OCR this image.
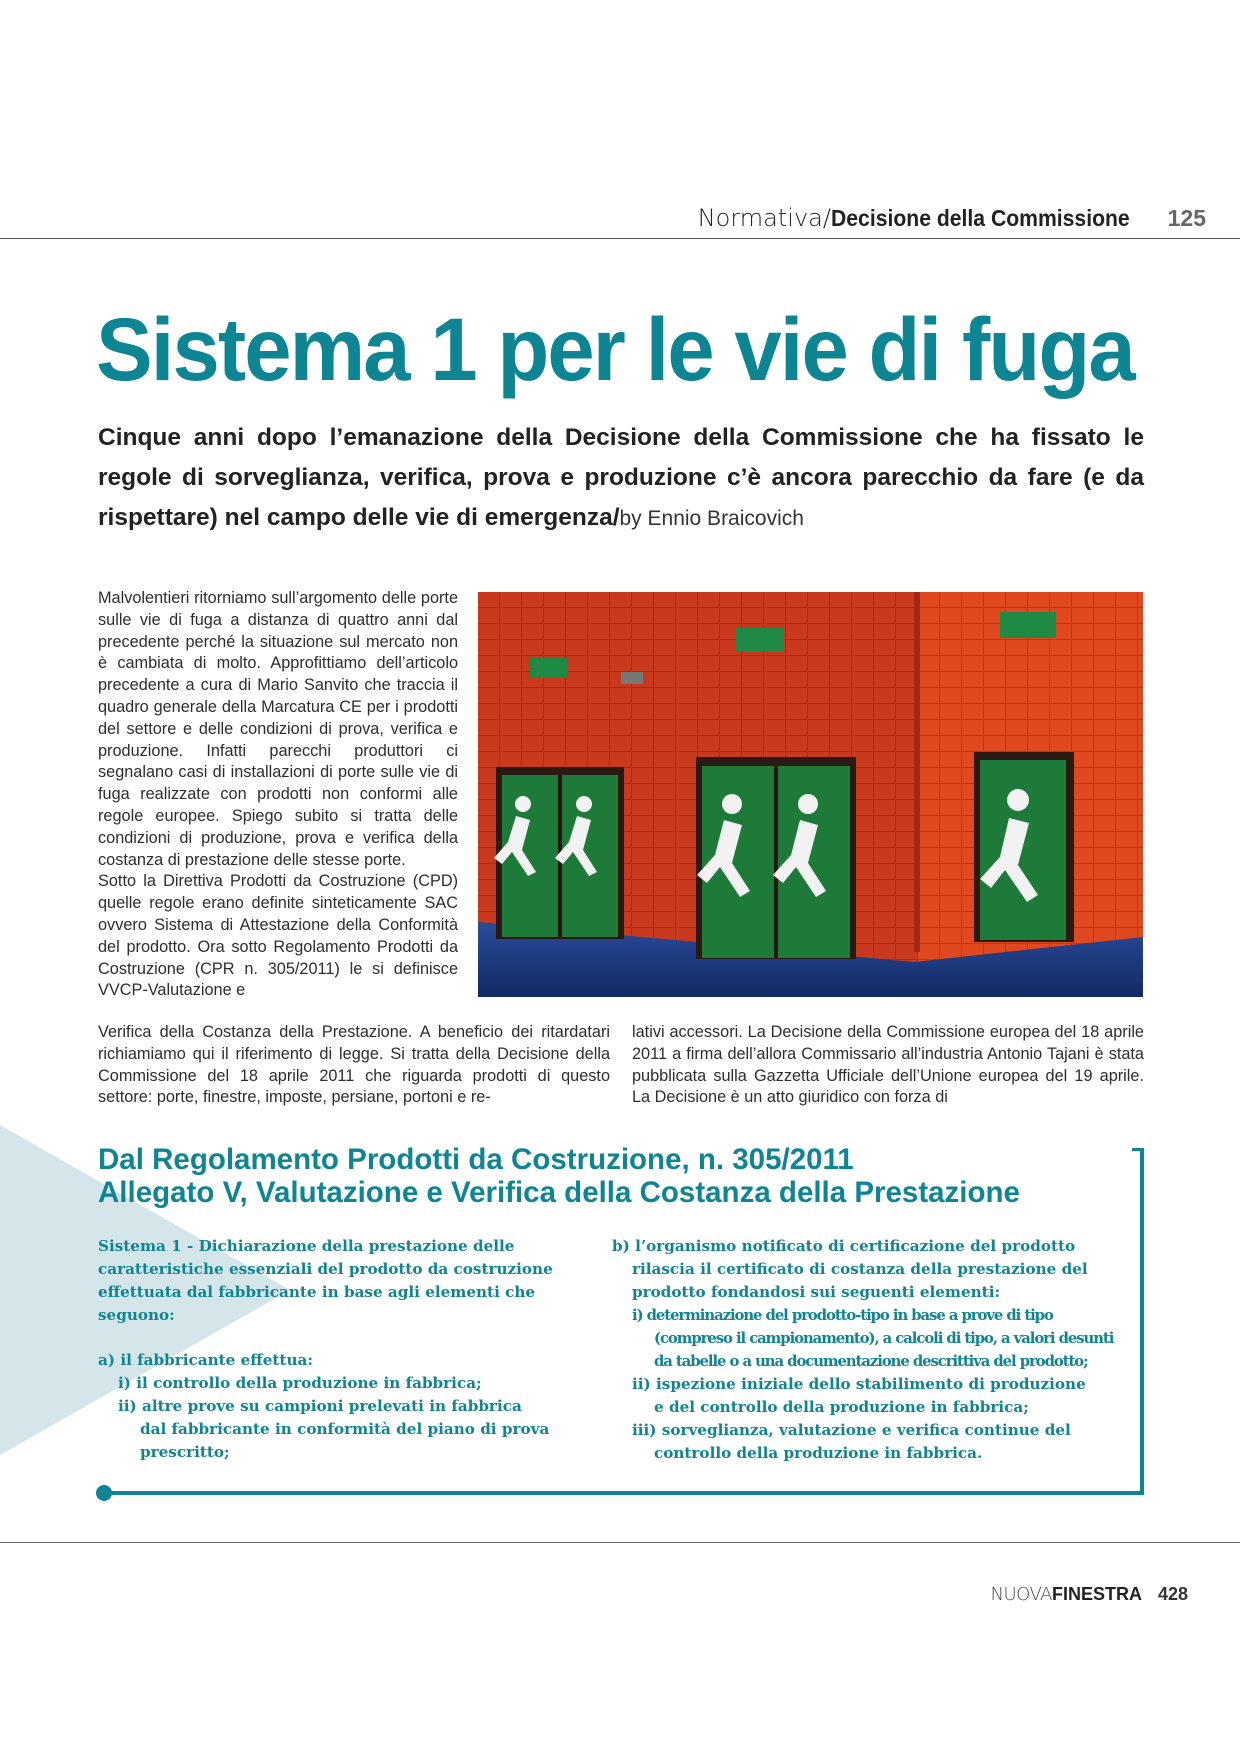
Normativa/ Decisione della Commissione 125
Sistema 1 per le vie di fuga
Cinque anni dopo l’emanazione della Decisione della Commissione che ha fissato le regole di sorveglianza, verifica, prova e produzione c’è ancora parecchio da fare (e da rispettare) nel campo delle vie di emergenza/by Ennio Braicovich

Malvolentieri ritorniamo sull’argomento delle porte sulle vie di fuga a distanza di quattro anni dal precedente perché la situazione sul mercato non è cambiata di molto. Approfittiamo dell’articolo precedente a cura di Mario Sanvito che traccia il quadro generale della Marcatura CE per i prodotti del settore e delle condizioni di prova, verifica e produzione. Infatti parecchi produttori ci segnalano casi di installazioni di porte sulle vie di fuga realizzate con prodotti non conformi alle regole europee. Spiego subito si tratta delle condizioni di produzione, prova e verifica della costanza di prestazione delle stesse porte.

Sotto la Direttiva Prodotti da Costruzione (CPD) quelle regole erano definite sinteticamente SAC ovvero Sistema di Attestazione della Conformità del prodotto. Ora sotto Regolamento Prodotti da Costruzione (CPR n. 305/2011) le si definisce VVCP-Valutazione e

Verifica della Costanza della Prestazione. A beneficio dei ritardatari richiamiamo qui il riferimento di legge. Si tratta della Decisione della Commissione del 18 aprile 2011 che riguarda prodotti di questo settore: porte, finestre, imposte, persiane, portoni e re-

lativi accessori. La Decisione della Commissione europea del 18 aprile 2011 a firma dell’allora Commissario all’industria Antonio Tajani è stata pubblicata sulla Gazzetta Ufficiale dell’Unione europea del 19 aprile. La Decisione è un atto giuridico con forza di

Dal Regolamento Prodotti da Costruzione, n. 305/2011
Allegato V, Valutazione e Verifica della Costanza della Prestazione

Sistema 1 - Dichiarazione della prestazione delle caratteristiche essenziali del prodotto da costruzione effettuata dal fabbricante in base agli elementi che seguono:

a) il fabbricante effettua:

i) il controllo della produzione in fabbrica;

ii) altre prove su campioni prelevati in fabbrica

dal fabbricante in conformità del piano di prova

prescritto;

b) l’organismo notificato di certificazione del prodotto

rilascia il certificato di costanza della prestazione del

prodotto fondandosi sui seguenti elementi:

i) determinazione del prodotto-tipo in base a prove di tipo

(compreso il campionamento), a calcoli di tipo, a valori desunti

da tabelle o a una documentazione descrittiva del prodotto;

ii) ispezione iniziale dello stabilimento di produzione

e del controllo della produzione in fabbrica;

iii) sorveglianza, valutazione e verifica continue del

controllo della produzione in fabbrica.

NUOVAFINESTRA 428
